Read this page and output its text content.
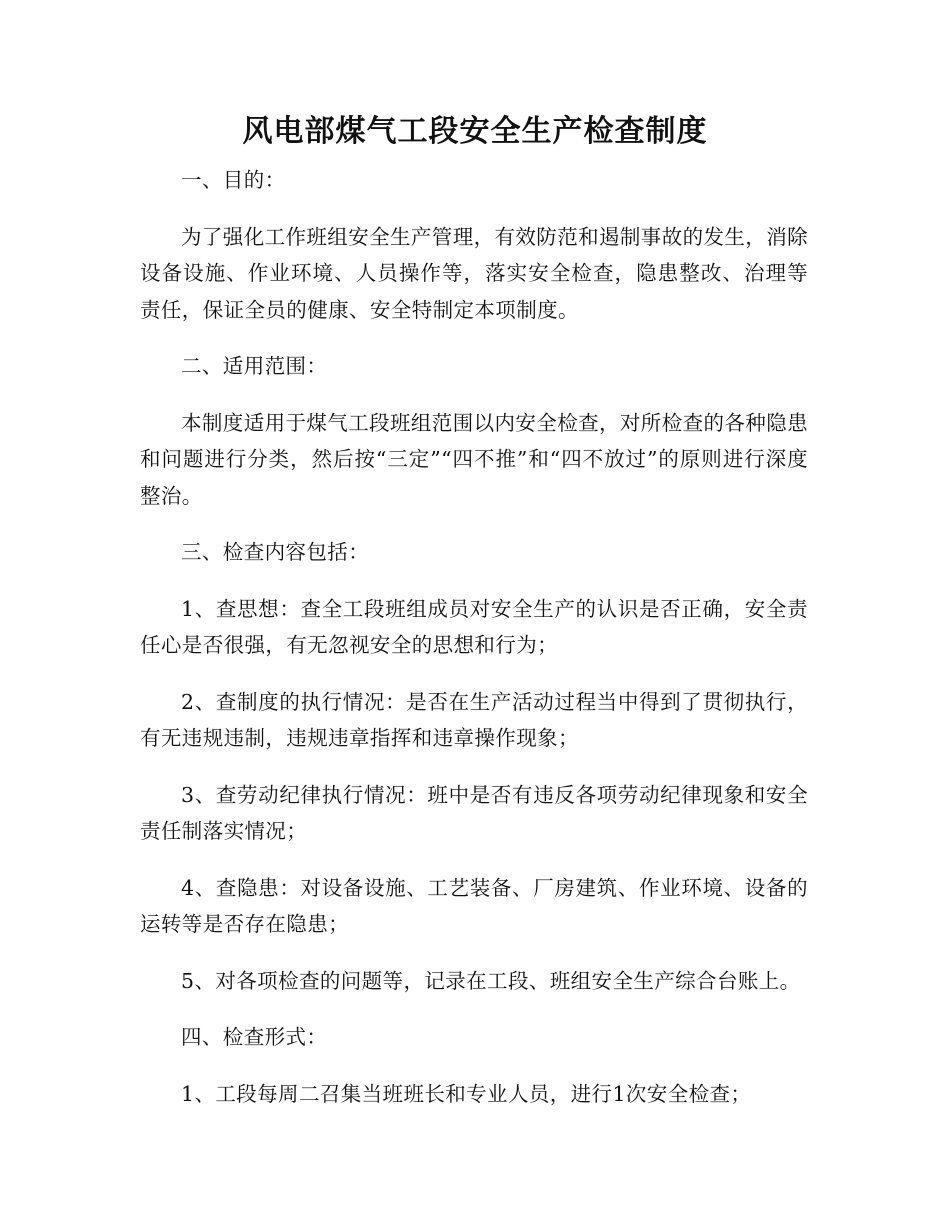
风电部煤气工段安全生产检查制度

一、目的：

为了强化工作班组安全生产管理，有效防范和遏制事故的发生，消除设备设施、作业环境、人员操作等，落实安全检查，隐患整改、治理等责任，保证全员的健康、安全特制定本项制度。

二、适用范围：

本制度适用于煤气工段班组范围以内安全检查，对所检查的各种隐患和问题进行分类，然后按“三定”“四不推”和“四不放过”的原则进行深度整治。

三、检查内容包括：

1、查思想：查全工段班组成员对安全生产的认识是否正确，安全责任心是否很强，有无忽视安全的思想和行为；

2、查制度的执行情况：是否在生产活动过程当中得到了贯彻执行，有无违规违制，违规违章指挥和违章操作现象；

3、查劳动纪律执行情况：班中是否有违反各项劳动纪律现象和安全责任制落实情况；

4、查隐患：对设备设施、工艺装备、厂房建筑、作业环境、设备的运转等是否存在隐患；

5、对各项检查的问题等，记录在工段、班组安全生产综合台账上。

四、检查形式：

1、工段每周二召集当班班长和专业人员，进行1次安全检查；
